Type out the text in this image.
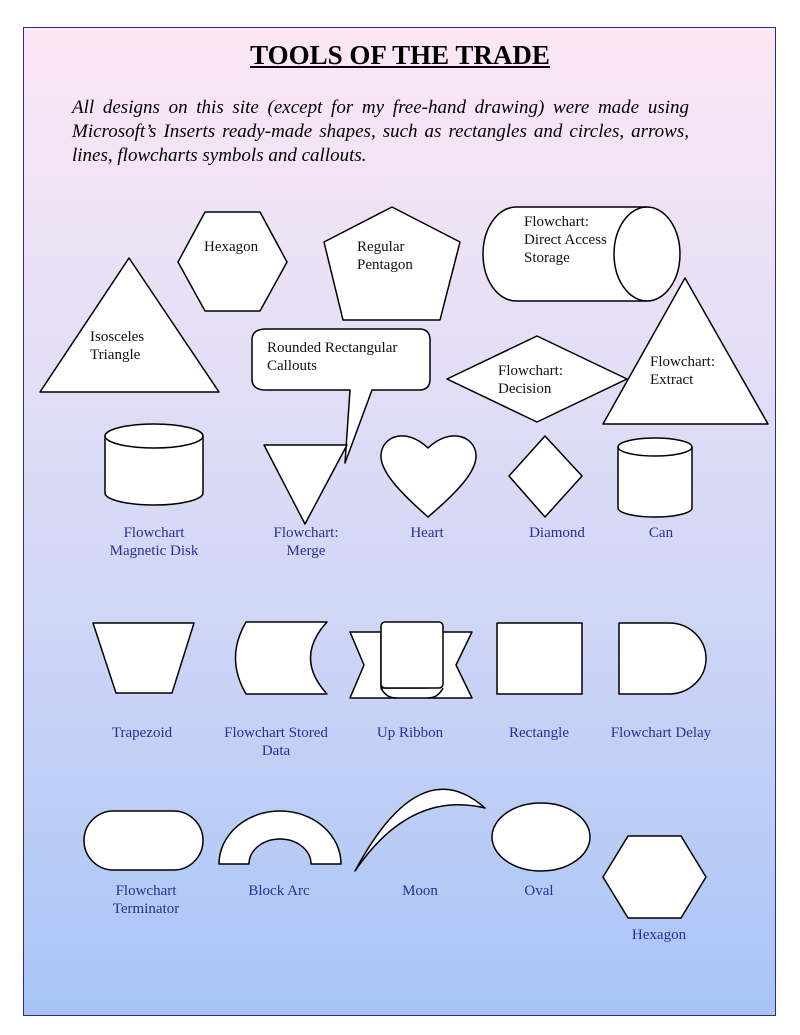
TOOLS OF THE TRADE
All designs on this site (except for my free-hand drawing) were made using Microsoft’s Inserts ready-made shapes, such as rectangles and circles, arrows, lines, flowcharts symbols and callouts.
Isosceles
Triangle
Hexagon	Regular
Pentagon
Flowchart:
Direct Access
Storage
Rounded Rectangular
Callouts	Flowchart:
Decision
Flowchart:
Extract
Flowchart
Magnetic Disk
Flowchart:
Merge
Heart	Diamond	Can
Trapezoid	Flowchart Stored
Data
Up Ribbon	Rectangle	Flowchart Delay
Flowchart
Terminator
Block Arc	Moon	Oval
Hexagon
